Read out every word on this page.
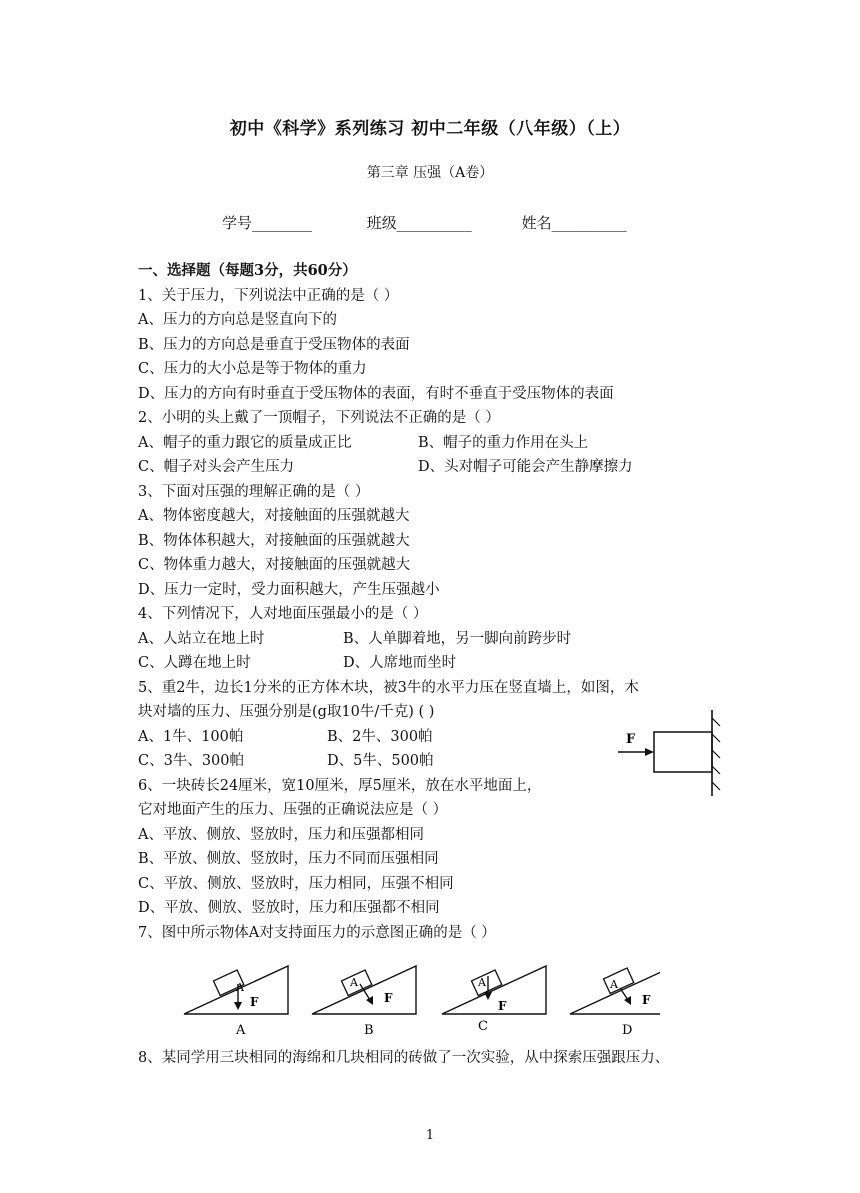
初中《科学》系列练习 初中二年级（八年级）（上）
第三章 压强（A卷）
学号________	班级__________	姓名__________
一、选择题（每题3分，共60分）
1、关于压力，下列说法中正确的是（ ）
A、压力的方向总是竖直向下的
B、压力的方向总是垂直于受压物体的表面
C、压力的大小总是等于物体的重力
D、压力的方向有时垂直于受压物体的表面，有时不垂直于受压物体的表面
2、小明的头上戴了一顶帽子，下列说法不正确的是（ ）
A、帽子的重力跟它的质量成正比	B、帽子的重力作用在头上
C、帽子对头会产生压力	D、头对帽子可能会产生静摩擦力
3、下面对压强的理解正确的是（ ）
A、物体密度越大，对接触面的压强就越大
B、物体体积越大，对接触面的压强就越大
C、物体重力越大，对接触面的压强就越大
D、压力一定时，受力面积越大，产生压强越小
4、下列情况下，人对地面压强最小的是（ ）
A、人站立在地上时	B、人单脚着地，另一脚向前跨步时
C、人蹲在地上时	D、人席地而坐时
5、重2牛，边长1分米的正方体木块，被3牛的水平力压在竖直墙上，如图，木
块对墙的压力、压强分别是(g取10牛/千克) ( )
A、1牛、100帕	B、2牛、300帕
C、3牛、300帕	D、5牛、500帕
F
6、一块砖长24厘米，宽10厘米，厚5厘米，放在水平地面上，
它对地面产生的压力、压强的正确说法应是（ ）
A、平放、侧放、竖放时，压力和压强都相同
B、平放、侧放、竖放时，压力不同而压强相同
C、平放、侧放、竖放时，压力相同，压强不相同
D、平放、侧放、竖放时，压力和压强都不相同
7、图中所示物体A对支持面压力的示意图正确的是（ ）
A
F
A
A
F
B
A
F
C
A
F
D
8、某同学用三块相同的海绵和几块相同的砖做了一次实验，从中探索压强跟压力、
1
